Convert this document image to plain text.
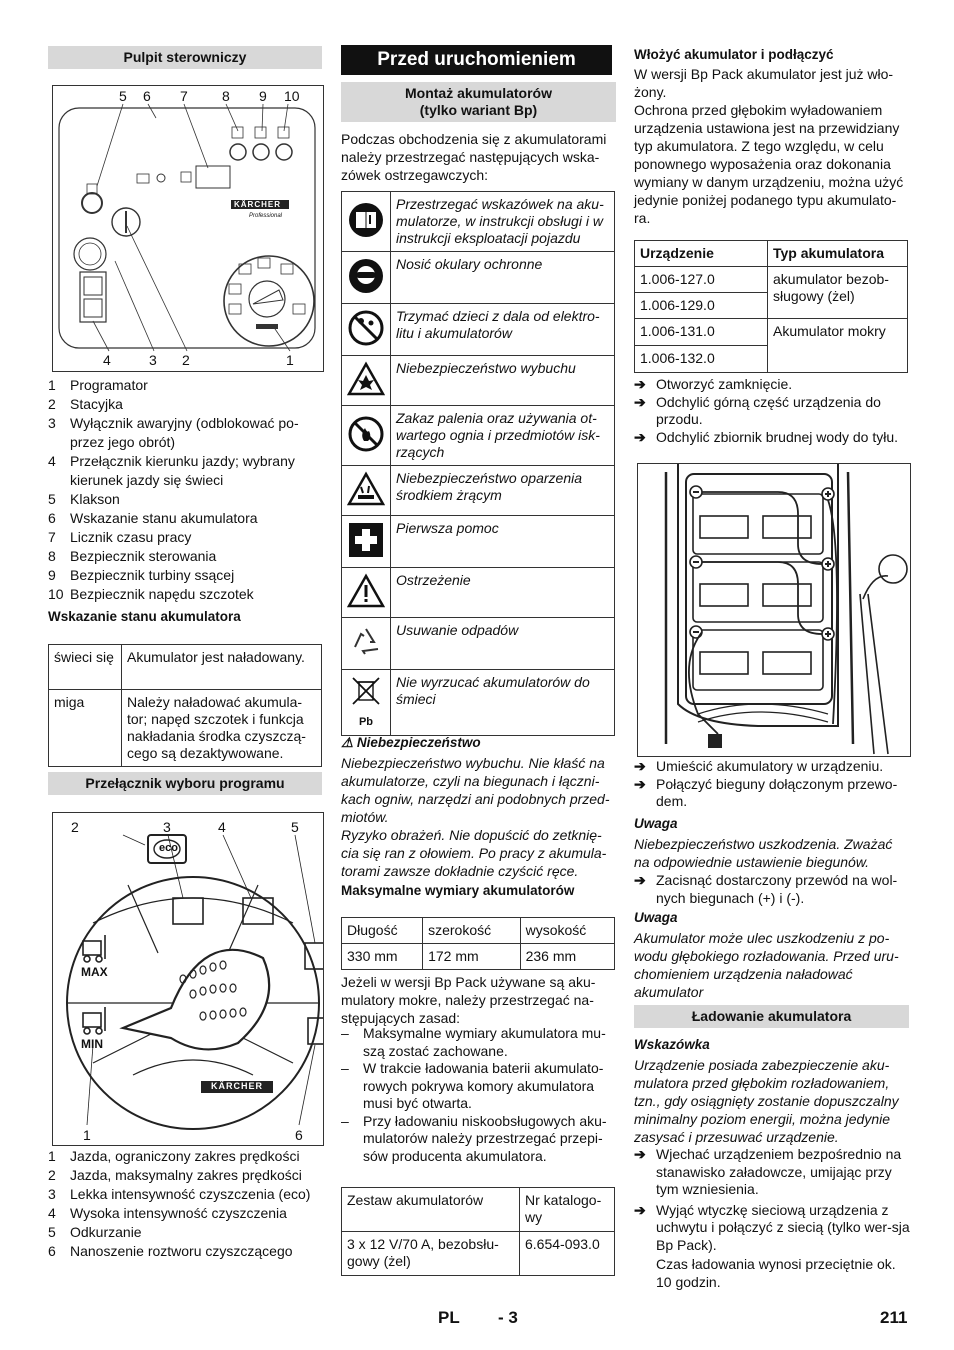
Pulpit sterowniczy
5 6 7 8 9 10
4	3 2	1
KÄRCHER
Professional
1	Programator
2	Stacyjka
3	Wyłącznik awaryjny (odblokować po-przez jego obrót)
4	Przełącznik kierunku jazdy; wybrany kierunek jazdy się świeci
5	Klakson
6	Wskazanie stanu akumulatora
7	Licznik czasu pracy
8	Bezpiecznik sterowania
9	Bezpiecznik turbiny ssącej
10 Bezpiecznik napędu szczotek
Wskazanie stanu akumulatora
świeci się	Akumulator jest naładowany.
miga	Należy naładować akumula-tor; napęd szczotek i funkcja nakładania środka czyszczą-cego są dezaktywowane.
Przełącznik wyboru programu
2	3	4	5
1	6
eco
MAX
MIN
KÄRCHER
1	Jazda, ograniczony zakres prędkości
2	Jazda, maksymalny zakres prędkości
3	Lekka intensywność czyszczenia (eco)
4	Wysoka intensywność czyszczenia
5	Odkurzanie
6	Nanoszenie roztworu czyszczącego
Przed uruchomieniem
Montaż akumulatorów
(tylko wariant Bp)

Podczas obchodzenia się z akumulatorami należy przestrzegać następujących wska-zówek ostrzegawczych:

	Przestrzegać wskazówek na aku-mulatorze, w instrukcji obsługi i w instrukcji eksploatacji pojazdu
	Nosić okulary ochronne
	Trzymać dzieci z dala od elektro-litu i akumulatorów
	Niebezpieczeństwo wybuchu
	Zakaz palenia oraz używania ot-wartego ognia i przedmiotów isk-rzących
	Niebezpieczeństwo oparzenia środkiem żrącym
	Pierwsza pomoc
	Ostrzeżenie
	Usuwanie odpadów

Pb	Nie wyrzucać akumulatorów do śmieci
⚠ Niebezpieczeństwo

Niebezpieczeństwo wybuchu. Nie kłaść na akumulatorze, czyli na biegunach i łączni-kach ogniw, narzędzi ani podobnych przed-miotów.

Ryzyko obrażeń. Nie dopuścić do zetknię-cia się ran z ołowiem. Po pracy z akumula-torami zawsze dokładnie czyścić ręce.

Maksymalne wymiary akumulatorów
Długość	szerokość	wysokość
330 mm	172 mm	236 mm

Jeżeli w wersji Bp Pack używane są aku-mulatory mokre, należy przestrzegać na-stępujących zasad:

–	Maksymalne wymiary akumulatora mu-szą zostać zachowane.
–	W trakcie ładowania baterii akumulato-rowych pokrywa komory akumulatora musi być otwarta.
–	Przy ładowaniu niskoobsługowych aku-mulatorów należy przestrzegać przepi-sów producenta akumulatora.
Zestaw akumulatorów	Nr katalogo-wy
3 x 12 V/70 A, bezobsłu-gowy (żel)	6.654-093.0
Włożyć akumulator i podłączyć

W wersji Bp Pack akumulator jest już wło-żony.

Ochrona przed głębokim wyładowaniem urządzenia ustawiona jest na przewidziany typ akumulatora. Z tego względu, w celu ponownego wyposażenia oraz dokonania wymiany w danym urządzeniu, można użyć jedynie poniżej podanego typu akumulato-ra.

Urządzenie	Typ akumulatora
1.006-127.0	akumulator bezob-sługowy (żel)
1.006-129.0	
1.006-131.0	Akumulator mokry
1.006-132.0	
➔ Otworzyć zamknięcie.
➔ Odchylić górną część urządzenia do przodu.
➔ Odchylić zbiornik brudnej wody do tyłu.
➔ Umieścić akumulatory w urządzeniu.
➔ Połączyć bieguny dołączonym przewo-dem.
Uwaga

Niebezpieczeństwo uszkodzenia. Zważać na odpowiednie ustawienie biegunów.

➔ Zacisnąć dostarczony przewód na wol-nych biegunach (+) i (-).
Uwaga

Akumulator może ulec uszkodzeniu z po-wodu głębokiego rozładowania. Przed uru-chomieniem urządzenia naładować akumulator

Ładowanie akumulatora
Wskazówka

Urządzenie posiada zabezpieczenie aku-mulatora przed głębokim rozładowaniem, tzn., gdy osiągnięty zostanie dopuszczalny minimalny poziom energii, można jedynie zasysać i przesuwać urządzenie.

➔ Wjechać urządzeniem bezpośrednio na stanawisko załadowcze, umijając przy tym wzniesienia.
➔ Wyjąć wtyczkę sieciową urządzenia z uchwytu i połączyć z siecią (tylko wer-sja Bp Pack).

Czas ładowania wynosi przeciętnie ok. 10 godzin.

PL - 3	211
